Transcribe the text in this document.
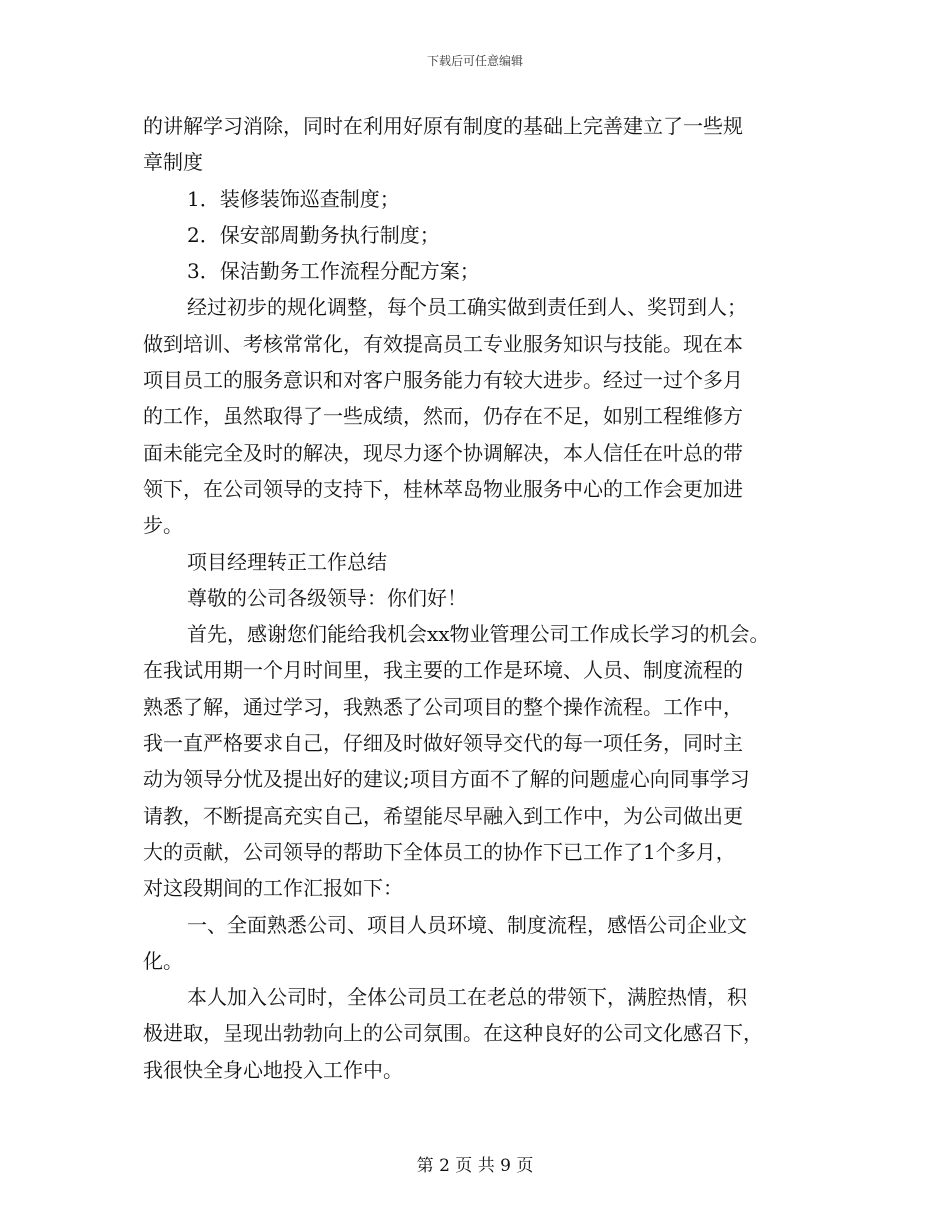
下载后可任意编辑
的讲解学习消除，同时在利用好原有制度的基础上完善建立了一些规
章制度
1．装修装饰巡查制度；
2．保安部周勤务执行制度；
3．保洁勤务工作流程分配方案；
经过初步的规化调整，每个员工确实做到责任到人、奖罚到人；
做到培训、考核常常化，有效提高员工专业服务知识与技能。现在本
项目员工的服务意识和对客户服务能力有较大进步。经过一过个多月
的工作，虽然取得了一些成绩，然而，仍存在不足，如别工程维修方
面未能完全及时的解决，现尽力逐个协调解决，本人信任在叶总的带
领下，在公司领导的支持下，桂林萃岛物业服务中心的工作会更加进
步。
项目经理转正工作总结
尊敬的公司各级领导：你们好！
首先，感谢您们能给我机会xx物业管理公司工作成长学习的机会。
在我试用期一个月时间里，我主要的工作是环境、人员、制度流程的
熟悉了解，通过学习，我熟悉了公司项目的整个操作流程。工作中，
我一直严格要求自己，仔细及时做好领导交代的每一项任务，同时主
动为领导分忧及提出好的建议;项目方面不了解的问题虚心向同事学习
请教，不断提高充实自己，希望能尽早融入到工作中，为公司做出更
大的贡献，公司领导的帮助下全体员工的协作下已工作了1个多月，
对这段期间的工作汇报如下：
一、全面熟悉公司、项目人员环境、制度流程，感悟公司企业文
化。
本人加入公司时，全体公司员工在老总的带领下，满腔热情，积
极进取，呈现出勃勃向上的公司氛围。在这种良好的公司文化感召下，
我很快全身心地投入工作中。
第 2 页 共 9 页
